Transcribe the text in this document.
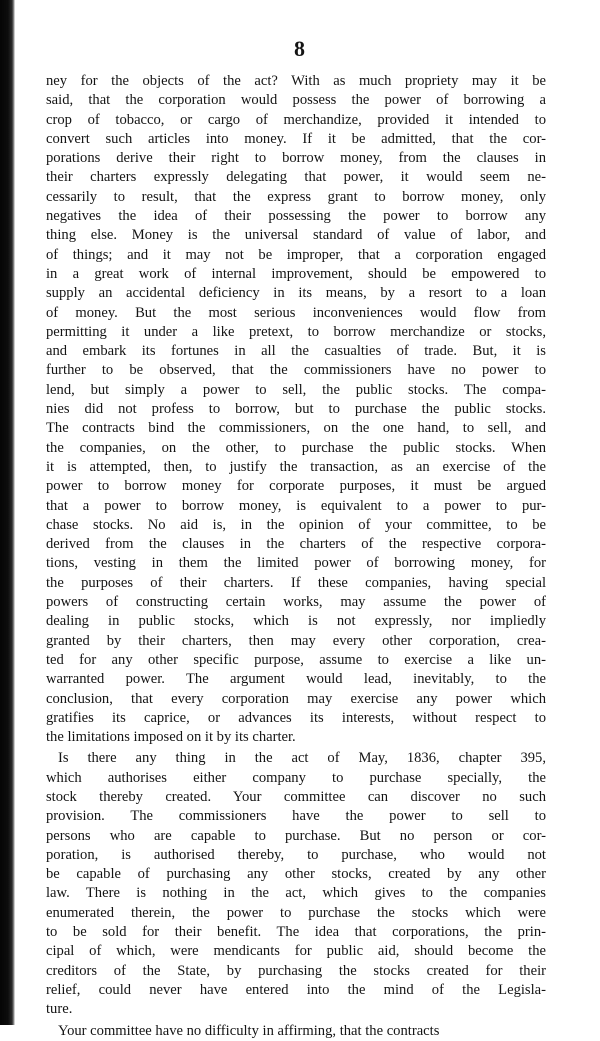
8
ney for the objects of the act? With as much propriety may it be
said, that the corporation would possess the power of borrowing a
crop of tobacco, or cargo of merchandize, provided it intended to
convert such articles into money. If it be admitted, that the cor-
porations derive their right to borrow money, from the clauses in
their charters expressly delegating that power, it would seem ne-
cessarily to result, that the express grant to borrow money, only
negatives the idea of their possessing the power to borrow any
thing else. Money is the universal standard of value of labor, and
of things; and it may not be improper, that a corporation engaged
in a great work of internal improvement, should be empowered to
supply an accidental deficiency in its means, by a resort to a loan
of money. But the most serious inconveniences would flow from
permitting it under a like pretext, to borrow merchandize or stocks,
and embark its fortunes in all the casualties of trade. But, it is
further to be observed, that the commissioners have no power to
lend, but simply a power to sell, the public stocks. The compa-
nies did not profess to borrow, but to purchase the public stocks.
The contracts bind the commissioners, on the one hand, to sell, and
the companies, on the other, to purchase the public stocks. When
it is attempted, then, to justify the transaction, as an exercise of the
power to borrow money for corporate purposes, it must be argued
that a power to borrow money, is equivalent to a power to pur-
chase stocks. No aid is, in the opinion of your committee, to be
derived from the clauses in the charters of the respective corpora-
tions, vesting in them the limited power of borrowing money, for
the purposes of their charters. If these companies, having special
powers of constructing certain works, may assume the power of
dealing in public stocks, which is not expressly, nor impliedly
granted by their charters, then may every other corporation, crea-
ted for any other specific purpose, assume to exercise a like un-
warranted power. The argument would lead, inevitably, to the
conclusion, that every corporation may exercise any power which
gratifies its caprice, or advances its interests, without respect to
the limitations imposed on it by its charter.
Is there any thing in the act of May, 1836, chapter 395,
which authorises either company to purchase specially, the
stock thereby created. Your committee can discover no such
provision. The commissioners have the power to sell to
persons who are capable to purchase. But no person or cor-
poration, is authorised thereby, to purchase, who would not
be capable of purchasing any other stocks, created by any other
law. There is nothing in the act, which gives to the companies
enumerated therein, the power to purchase the stocks which were
to be sold for their benefit. The idea that corporations, the prin-
cipal of which, were mendicants for public aid, should become the
creditors of the State, by purchasing the stocks created for their
relief, could never have entered into the mind of the Legisla-
ture.
Your committee have no difficulty in affirming, that the contracts
